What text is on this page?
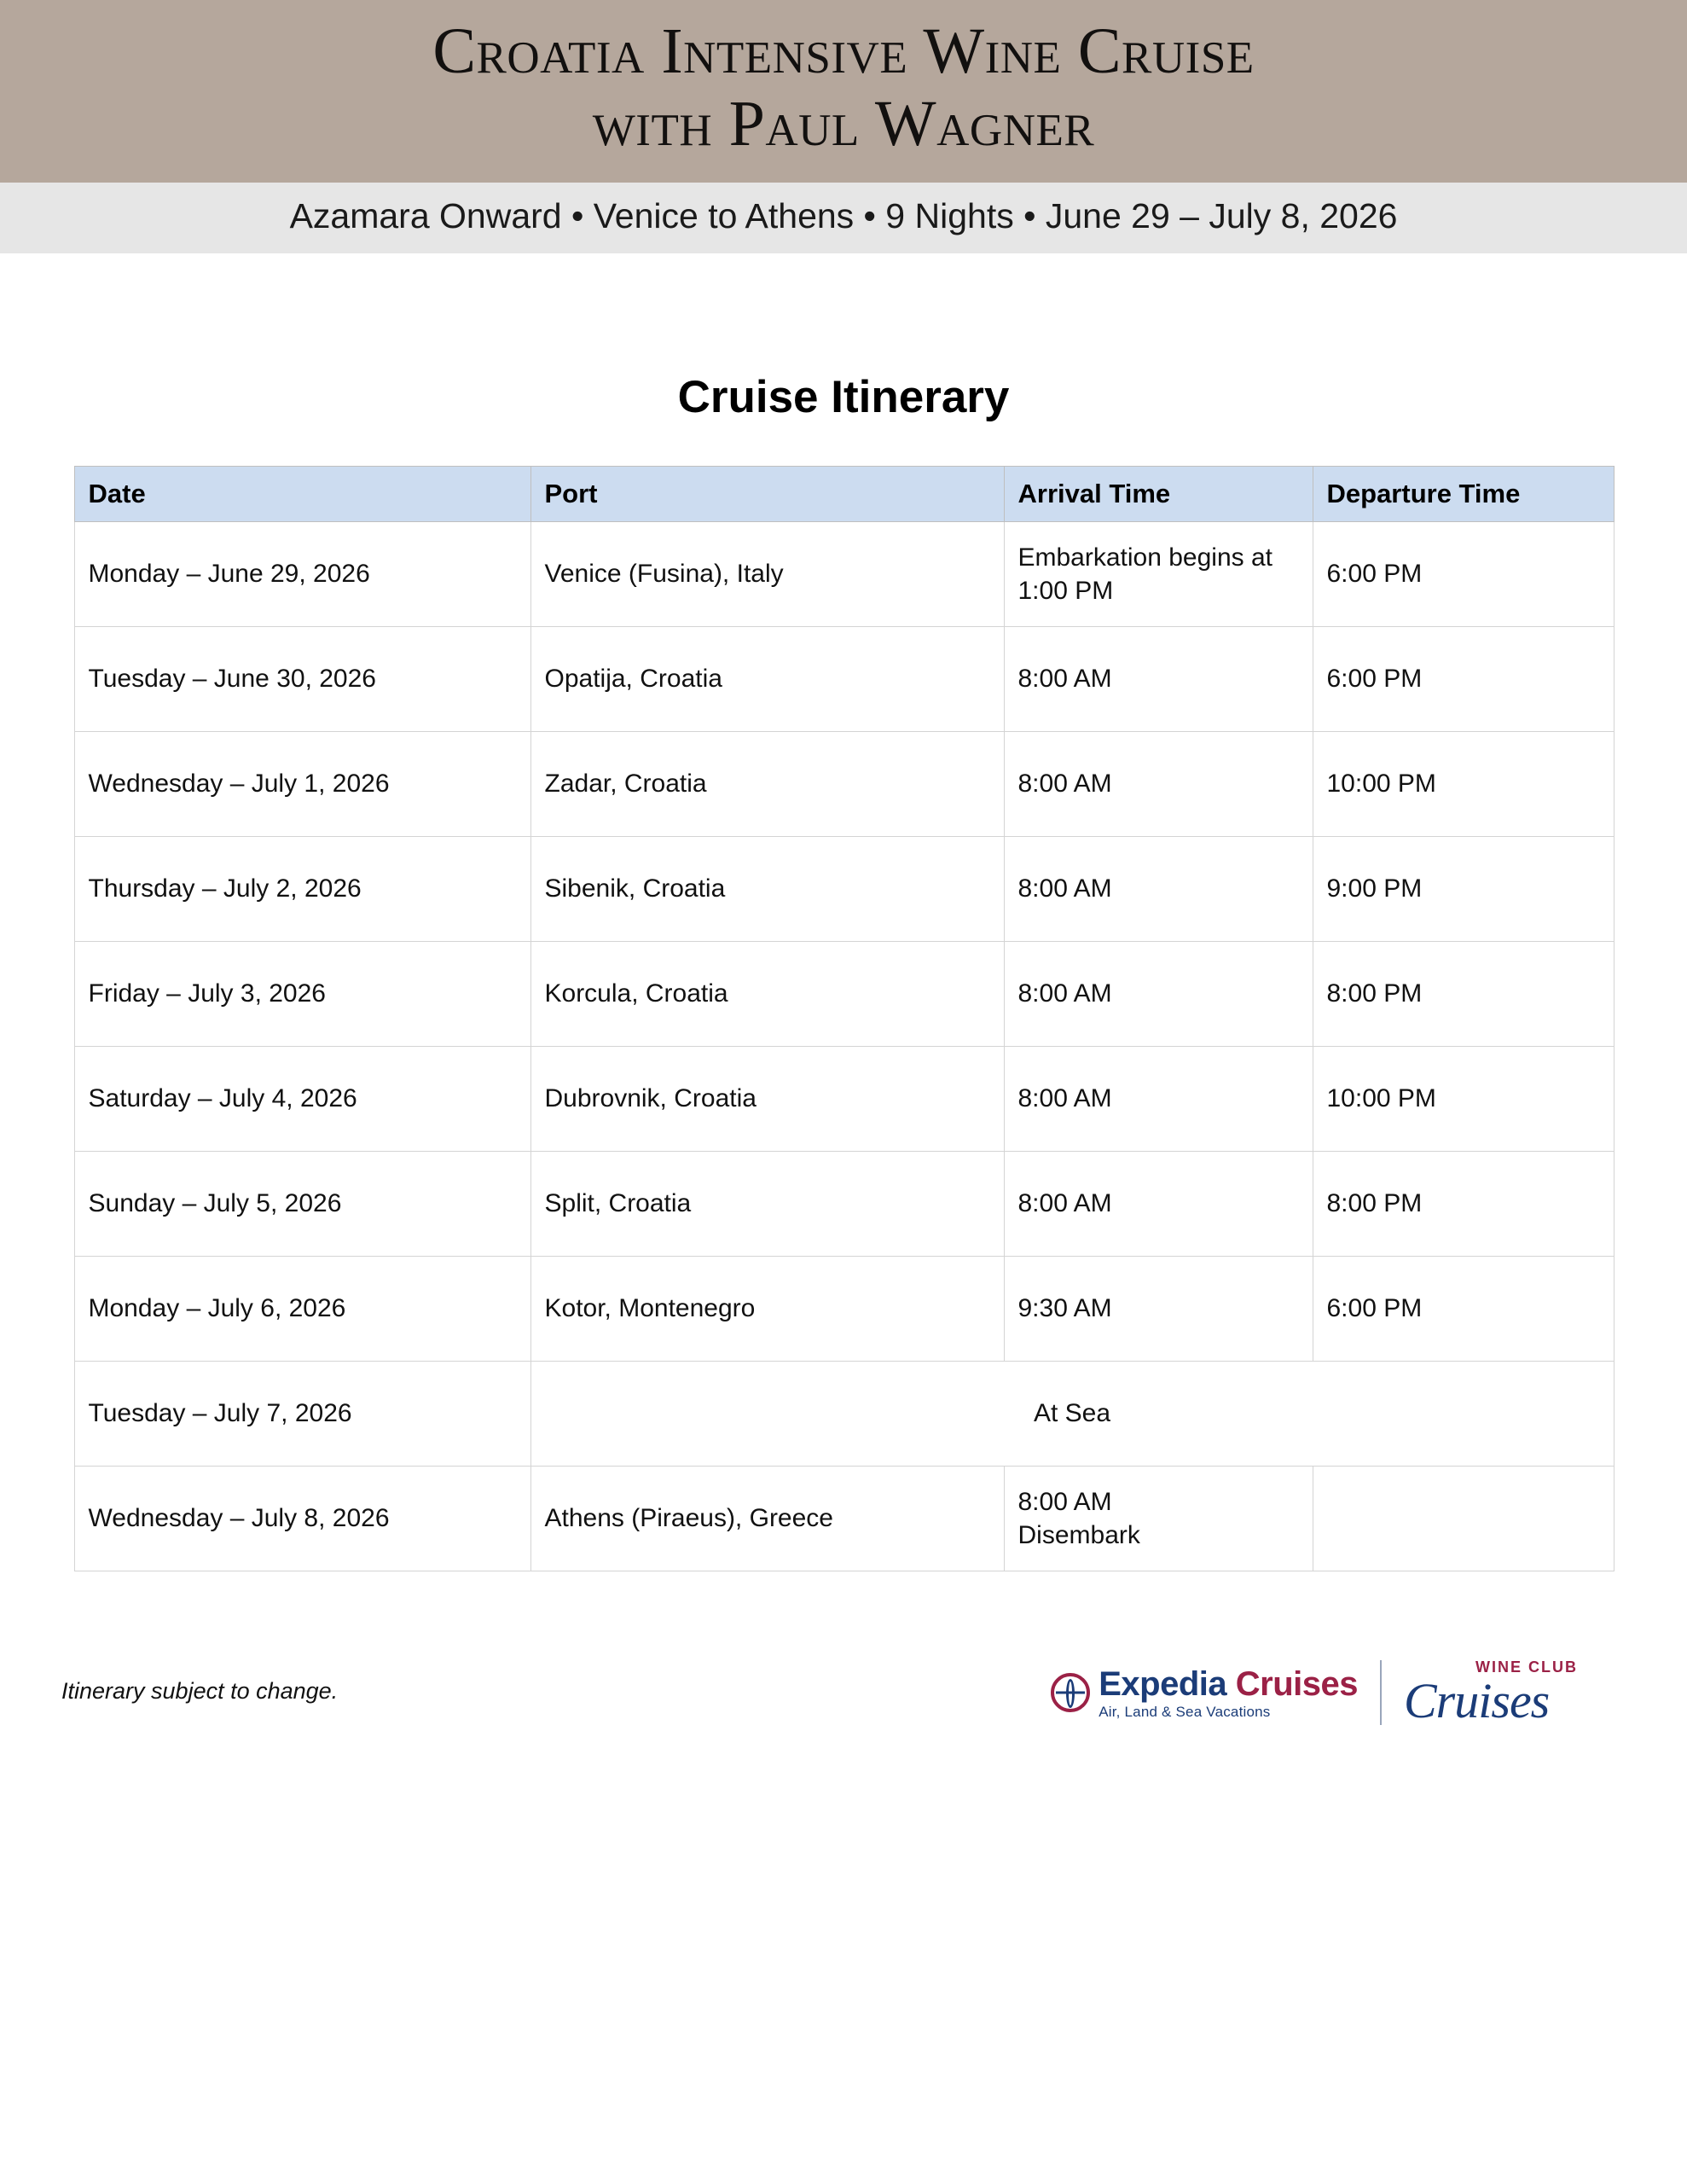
Croatia Intensive Wine Cruise
with Paul Wagner
Azamara Onward • Venice to Athens • 9 Nights • June 29 – July 8, 2026
Cruise Itinerary
Date	Port	Arrival Time	Departure Time
Monday – June 29, 2026	Venice (Fusina), Italy	Embarkation begins at 1:00 PM	6:00 PM
Tuesday – June 30, 2026	Opatija, Croatia	8:00 AM	6:00 PM
Wednesday – July 1, 2026	Zadar, Croatia	8:00 AM	10:00 PM
Thursday – July 2, 2026	Sibenik, Croatia	8:00 AM	9:00 PM
Friday – July 3, 2026	Korcula, Croatia	8:00 AM	8:00 PM
Saturday – July 4, 2026	Dubrovnik, Croatia	8:00 AM	10:00 PM
Sunday – July 5, 2026	Split, Croatia	8:00 AM	8:00 PM
Monday – July 6, 2026	Kotor, Montenegro	9:30 AM	6:00 PM
Tuesday – July 7, 2026	At Sea		
Wednesday – July 8, 2026	Athens (Piraeus), Greece	8:00 AM
Disembark	

Itinerary subject to change.	Expedia Cruises
Air, Land & Sea Vacations
WINE CLUB
Cruises
